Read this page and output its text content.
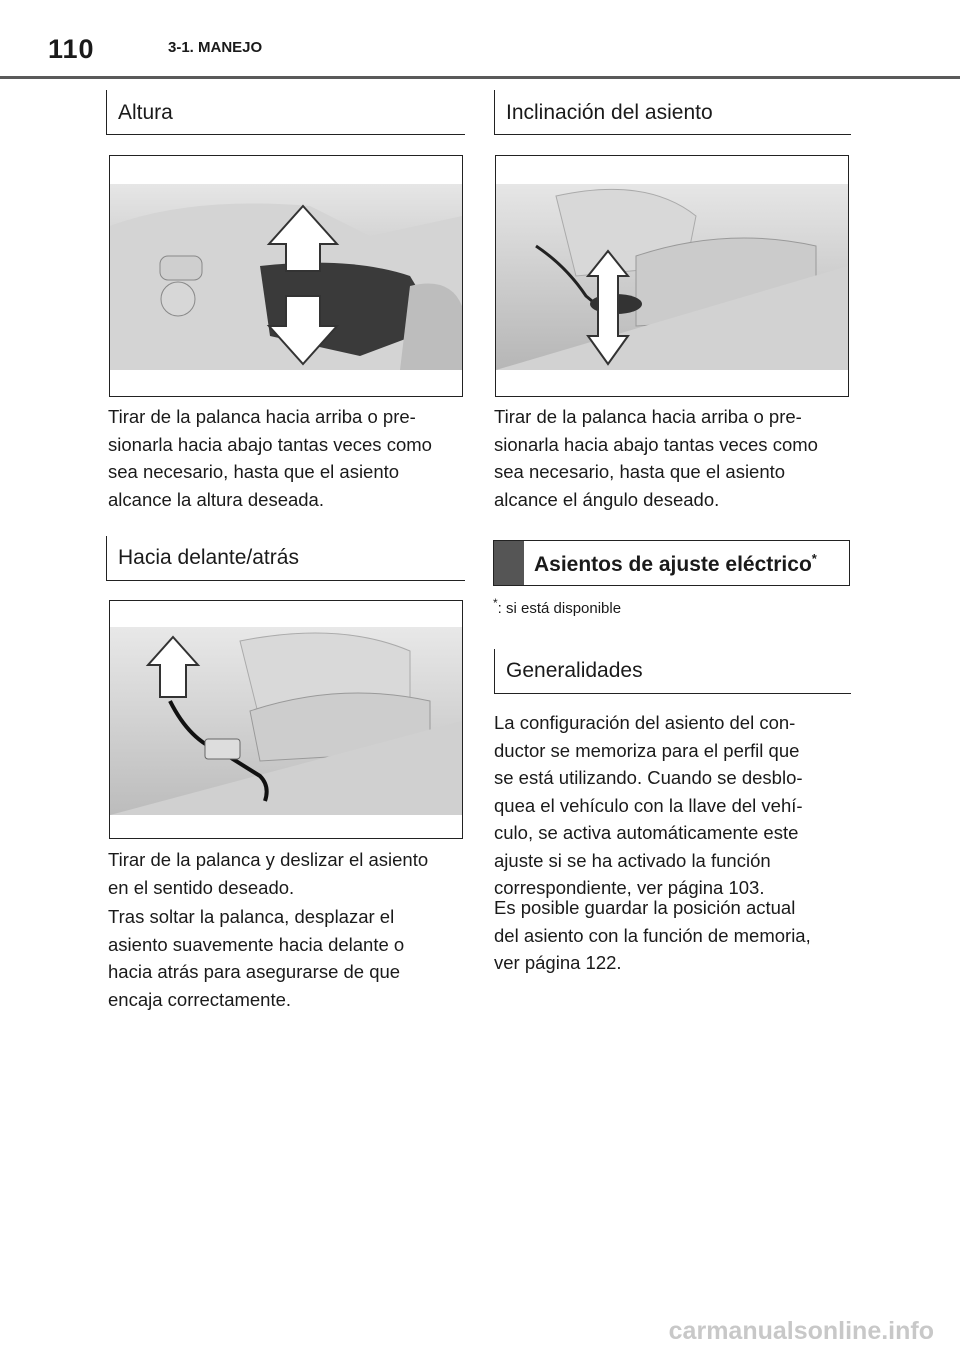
110	3-1. MANEJO
Altura
Tirar de la palanca hacia arriba o pre-
sionarla hacia abajo tantas veces como
sea necesario, hasta que el asiento
alcance la altura deseada.
Hacia delante/atrás
Tirar de la palanca y deslizar el asiento
en el sentido deseado.
Tras soltar la palanca, desplazar el
asiento suavemente hacia delante o
hacia atrás para asegurarse de que
encaja correctamente.
Inclinación del asiento
Tirar de la palanca hacia arriba o pre-
sionarla hacia abajo tantas veces como
sea necesario, hasta que el asiento
alcance el ángulo deseado.
Asientos de ajuste eléctrico*
*: si está disponible
Generalidades
La configuración del asiento del con-
ductor se memoriza para el perfil que
se está utilizando. Cuando se desblo-
quea el vehículo con la llave del vehí-
culo, se activa automáticamente este
ajuste si se ha activado la función
correspondiente, ver página 103.
Es posible guardar la posición actual
del asiento con la función de memoria,
ver página 122.
carmanualsonline.info
